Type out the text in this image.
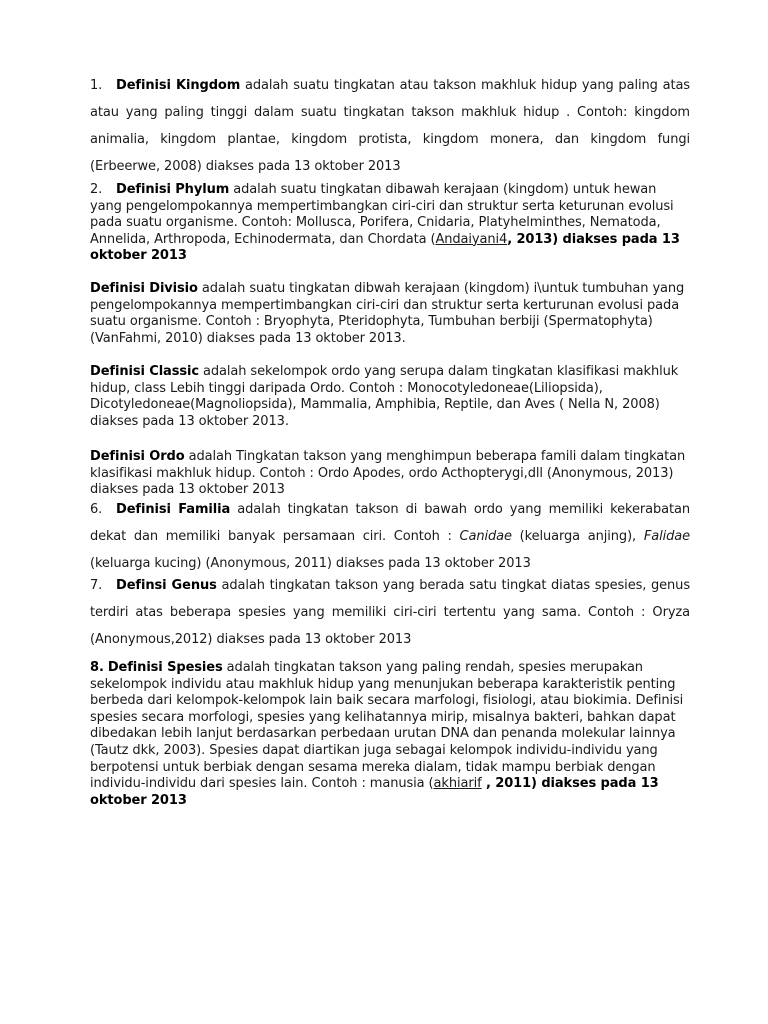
1. Definisi Kingdom adalah suatu tingkatan atau takson makhluk hidup yang paling atas atau yang paling tinggi dalam suatu tingkatan takson makhluk hidup . Contoh: kingdom animalia, kingdom plantae, kingdom protista, kingdom monera, dan kingdom fungi (Erbeerwe, 2008) diakses pada 13 oktober 2013
2. Definisi Phylum adalah suatu tingkatan dibawah kerajaan (kingdom) untuk hewan yang pengelompokannya mempertimbangkan ciri-ciri dan struktur serta keturunan evolusi pada suatu organisme. Contoh: Mollusca, Porifera, Cnidaria, Platyhelminthes, Nematoda, Annelida, Arthropoda, Echinodermata, dan Chordata (Andaiyani4, 2013) diakses pada 13 oktober 2013
Definisi Divisio adalah suatu tingkatan dibwah kerajaan (kingdom) i\untuk tumbuhan yang pengelompokannya mempertimbangkan ciri-ciri dan struktur serta kerturunan evolusi pada suatu organisme. Contoh : Bryophyta, Pteridophyta, Tumbuhan berbiji (Spermatophyta) (VanFahmi, 2010) diakses pada 13 oktober 2013.
Definisi Classic adalah sekelompok ordo yang serupa dalam tingkatan klasifikasi makhluk hidup, class Lebih tinggi daripada Ordo. Contoh : Monocotyledoneae(Liliopsida), Dicotyledoneae(Magnoliopsida), Mammalia, Amphibia, Reptile, dan Aves ( Nella N, 2008) diakses pada 13 oktober 2013.
Definisi Ordo adalah Tingkatan takson yang menghimpun beberapa famili dalam tingkatan klasifikasi makhluk hidup. Contoh : Ordo Apodes, ordo Acthopterygi,dll (Anonymous, 2013) diakses pada 13 oktober 2013
6. Definisi Familia adalah tingkatan takson di bawah ordo yang memiliki kekerabatan dekat dan memiliki banyak persamaan ciri. Contoh : Canidae (keluarga anjing), Falidae (keluarga kucing) (Anonymous, 2011) diakses pada 13 oktober 2013
7. Definsi Genus adalah tingkatan takson yang berada satu tingkat diatas spesies, genus terdiri atas beberapa spesies yang memiliki ciri-ciri tertentu yang sama. Contoh : Oryza (Anonymous,2012) diakses pada 13 oktober 2013
8. Definisi Spesies adalah tingkatan takson yang paling rendah, spesies merupakan sekelompok individu atau makhluk hidup yang menunjukan beberapa karakteristik penting berbeda dari kelompok-kelompok lain baik secara marfologi, fisiologi, atau biokimia. Definisi spesies secara morfologi, spesies yang kelihatannya mirip, misalnya bakteri, bahkan dapat dibedakan lebih lanjut berdasarkan perbedaan urutan DNA dan penanda molekular lainnya (Tautz dkk, 2003). Spesies dapat diartikan juga sebagai kelompok individu-individu yang berpotensi untuk berbiak dengan sesama mereka dialam, tidak mampu berbiak dengan individu-individu dari spesies lain. Contoh : manusia (akhiarif , 2011) diakses pada 13 oktober 2013
